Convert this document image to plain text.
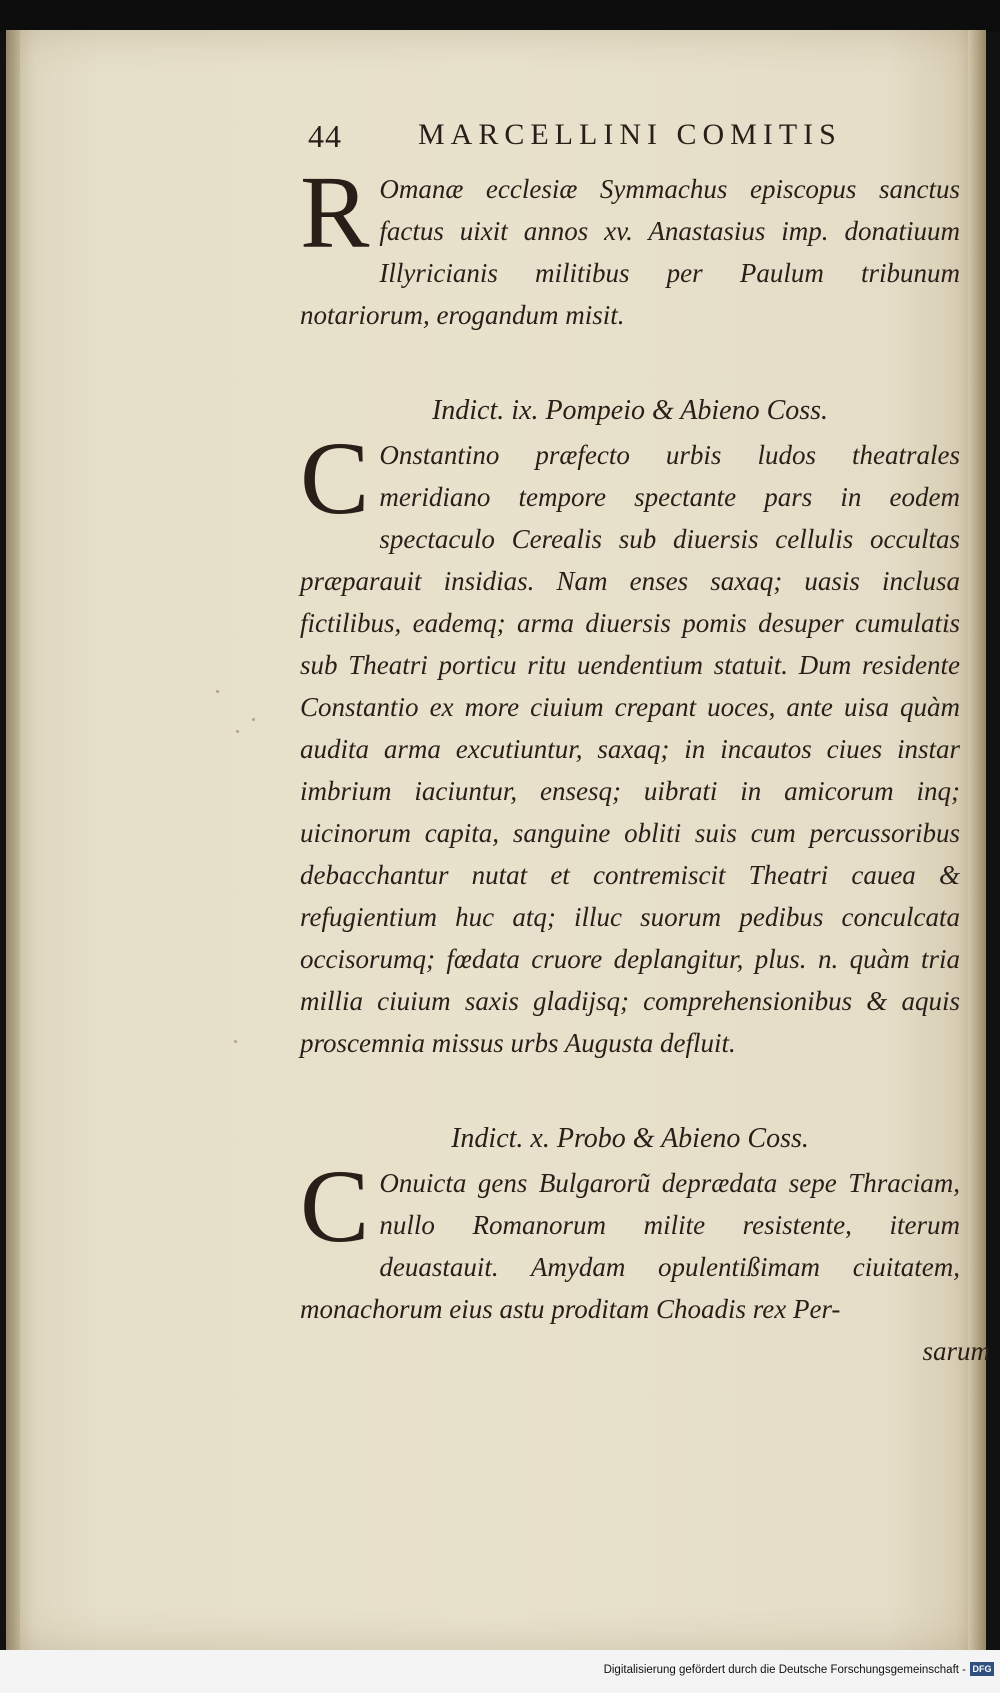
44	MARCELLINI COMITIS
R Omanæ ecclesiæ Symmachus episcopus sanctus factus uixit annos xv. Anastasius imp. donatiuum Illyricianis militibus per Paulum tribunum notariorum, erogandum misit.
Indict. ix. Pompeio & Abieno Coss.
C Onstantino præfecto urbis ludos theatrales meridiano tempore spectante pars in eodem spectaculo Cerealis sub diuersis cellulis occultas præparauit insidias. Nam enses saxaq; uasis inclusa fictilibus, eademq; arma diuersis pomis desuper cumulatis sub Theatri porticu ritu uendentium statuit. Dum residente Constantio ex more ciuium crepant uoces, ante uisa quàm audita arma excutiuntur, saxaq; in incautos ciues instar imbrium iaciuntur, ensesq; uibrati in amicorum inq; uicinorum capita, sanguine obliti suis cum percussoribus debacchantur nutat et contremiscit Theatri cauea & refugientium huc atq; illuc suorum pedibus conculcata occisorumq; fœdata cruore deplangitur, plus. n. quàm tria millia ciuium saxis gladijsq; comprehensionibus & aquis proscemnia missus urbs Augusta defluit.
Indict. x. Probo & Abieno Coss.
C Onuicta gens Bulgarorũ deprædata sepe Thraciam, nullo Romanorum milite resistente, iterum deuastauit. Amydam opulentißimam ciuitatem, monachorum eius astu proditam Choadis rex Per-
sarum
Digitalisierung gefördert durch die Deutsche Forschungsgemeinschaft - DFG
